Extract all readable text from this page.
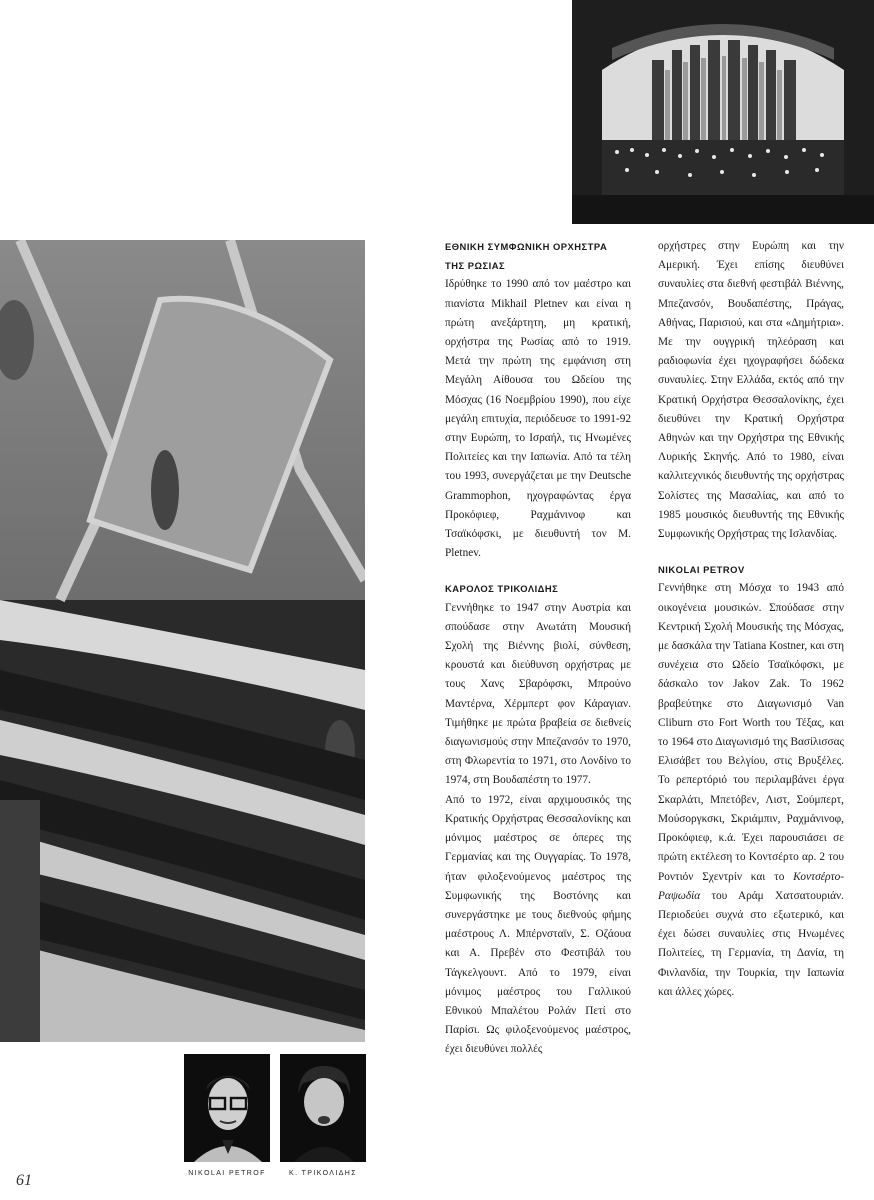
NIKOLAI PETROF	Κ. ΤΡΙΚΟΛΙΔΗΣ
61

ΕΘΝΙΚΗ ΣΥΜΦΩΝΙΚΗ ΟΡΧΗΣΤΡΑ

ΤΗΣ ΡΩΣΙΑΣ

Ιδρύθηκε το 1990 από τον μαέστρο και πιανίστα Mikhail Pletnev και είναι η πρώτη ανεξάρτητη, μη κρατική, ορχήστρα της Ρωσίας από το 1919. Μετά την πρώτη της εμφάνιση στη Μεγάλη Αίθουσα του Ωδείου της Μόσχας (16 Νοεμβρίου 1990), που είχε μεγάλη επιτυχία, περιόδευσε το 1991-92 στην Ευρώπη, το Ισραήλ, τις Ηνωμένες Πολιτείες και την Ιαπωνία. Από τα τέλη του 1993, συνεργάζεται με την Deutsche Grammophon, ηχογραφώντας έργα Προκόφιεφ, Ραχμάνινοφ και Τσαϊκόφσκι, με διευθυντή τον M. Pletnev.

ΚΑΡΟΛΟΣ ΤΡΙΚΟΛΙΔΗΣ

Γεννήθηκε το 1947 στην Αυστρία και σπούδασε στην Ανωτάτη Μουσική Σχολή της Βιέννης βιολί, σύνθεση, κρουστά και διεύθυνση ορχήστρας με τους Χανς Σβαρόφσκι, Μπρούνο Μαντέρνα, Χέρμπερτ φον Κάραγιαν. Τιμήθηκε με πρώτα βραβεία σε διεθνείς διαγωνισμούς στην Μπεζανσόν το 1970, στη Φλωρεντία το 1971, στο Λονδίνο το 1974, στη Βουδαπέστη το 1977.

Από το 1972, είναι αρχιμουσικός της Κρατικής Ορχήστρας Θεσσαλονίκης και μόνιμος μαέστρος σε όπερες της Γερμανίας και της Ουγγαρίας. Το 1978, ήταν φιλοξενούμενος μαέστρος της Συμφωνικής της Βοστόνης και συνεργάστηκε με τους διεθνούς φήμης μαέστρους Λ. Μπέρνσταϊν, Σ. Οζάουα και Α. Πρεβέν στο Φεστιβάλ του Τάγκελγουντ. Από το 1979, είναι μόνιμος μαέστρος του Γαλλικού Εθνικού Μπαλέτου Ρολάν Πετί στο Παρίσι. Ως φιλοξενούμενος μαέστρος, έχει διευθύνει πολλές

ορχήστρες στην Ευρώπη και την Αμερική. Έχει επίσης διευθύνει συναυλίες στα διεθνή φεστιβάλ Βιέννης, Μπεζανσόν, Βουδαπέστης, Πράγας, Αθήνας, Παρισιού, και στα «Δημήτρια». Με την ουγγρική τηλεόραση και ραδιοφωνία έχει ηχογραφήσει δώδεκα συναυλίες. Στην Ελλάδα, εκτός από την Κρατική Ορχήστρα Θεσσαλονίκης, έχει διευθύνει την Κρατική Ορχήστρα Αθηνών και την Ορχήστρα της Εθνικής Λυρικής Σκηνής. Από το 1980, είναι καλλιτεχνικός διευθυντής της ορχήστρας Σολίστες της Μασαλίας, και από το 1985 μουσικός διευθυντής της Εθνικής Συμφωνικής Ορχήστρας της Ισλανδίας.

NIKOLAI PETROV

Γεννήθηκε στη Μόσχα το 1943 από οικογένεια μουσικών. Σπούδασε στην Κεντρική Σχολή Μουσικής της Μόσχας, με δασκάλα την Tatiana Kostner, και στη συνέχεια στο Ωδείο Τσαϊκόφσκι, με δάσκαλο τον Jakov Zak. Το 1962 βραβεύτηκε στο Διαγωνισμό Van Cliburn στο Fort Worth του Τέξας, και το 1964 στο Διαγωνισμό της Βασίλισσας Ελισάβετ του Βελγίου, στις Βρυξέλες. Το ρεπερτόριό του περιλαμβάνει έργα Σκαρλάτι, Μπετόβεν, Λιστ, Σούμπερτ, Μούσοργκσκι, Σκριάμπιν, Ραχμάνινοφ, Προκόφιεφ, κ.ά. Έχει παρουσιάσει σε πρώτη εκτέλεση το Κοντσέρτο αρ. 2 του Ροντιόν Σχεντρίν και το Κοντσέρτο-Ραψωδία του Αράμ Χατσατουριάν. Περιοδεύει συχνά στο εξωτερικό, και έχει δώσει συναυλίες στις Ηνωμένες Πολιτείες, τη Γερμανία, τη Δανία, τη Φινλανδία, την Τουρκία, την Ιαπωνία και άλλες χώρες.
